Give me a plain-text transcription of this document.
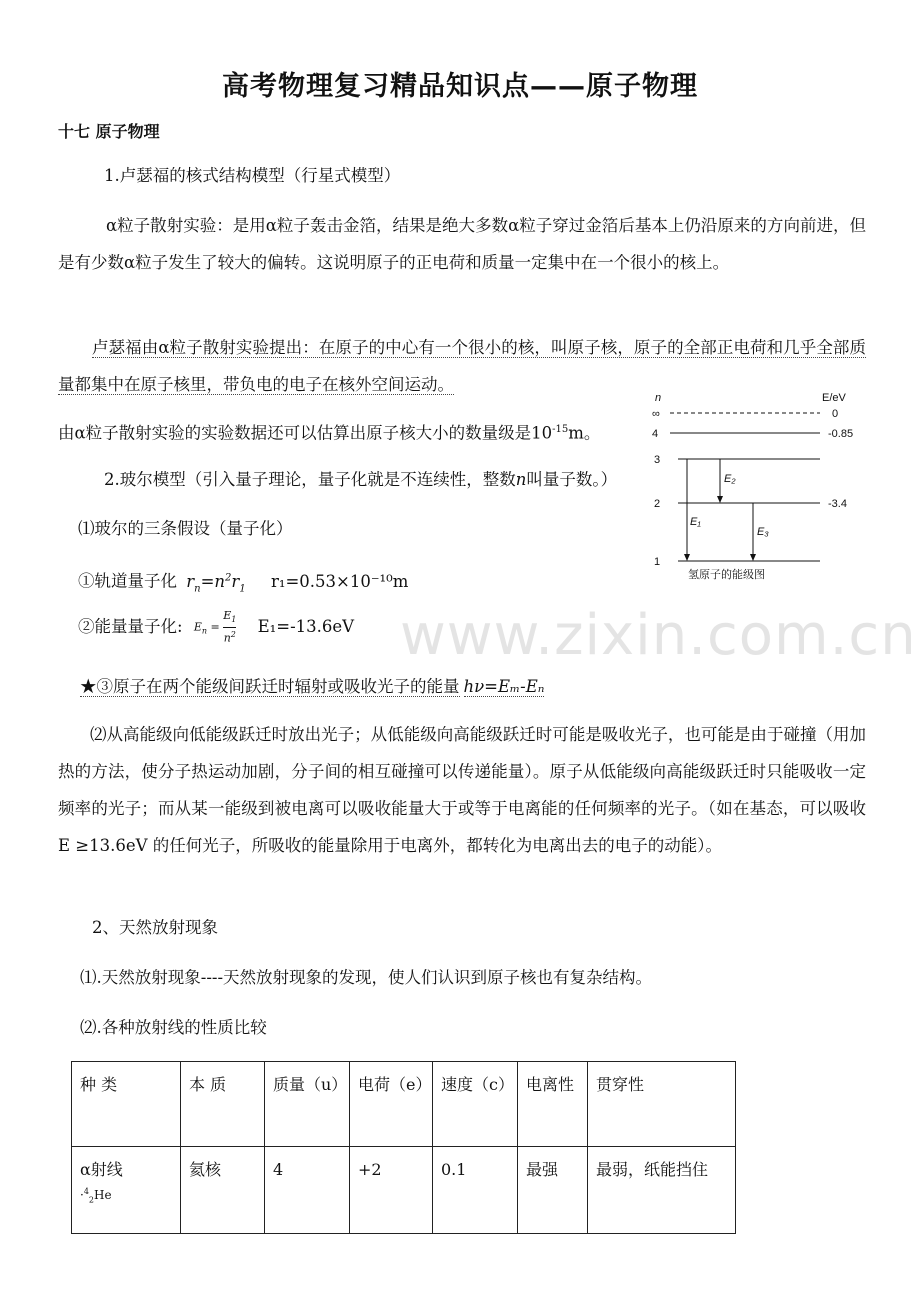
高考物理复习精品知识点——原子物理
十七 原子物理
1.卢瑟福的核式结构模型（行星式模型）
α粒子散射实验：是用α粒子轰击金箔，结果是绝大多数α粒子穿过金箔后基本上仍沿原来的方向前进，但是有少数α粒子发生了较大的偏转。这说明原子的正电荷和质量一定集中在一个很小的核上。
卢瑟福由α粒子散射实验提出：在原子的中心有一个很小的核，叫原子核，原子的全部正电荷和几乎全部质量都集中在原子核里，带负电的电子在核外空间运动。
由α粒子散射实验的实验数据还可以估算出原子核大小的数量级是$10^{-15}m$。
2.玻尔模型（引入量子理论，量子化就是不连续性，整数n叫量子数。）
⑴玻尔的三条假设（量子化）
①轨道量子化 $r_n=n^2r_1$ r₁=0.53×10⁻¹⁰m
②能量量子化: $E_n = \frac{E_1}{n^2} E_1=-13.6eV$
★③原子在两个能级间跃迁时辐射或吸收光子的能量 hν=Eₘ-Eₙ
⑵从高能级向低能级跃迁时放出光子；从低能级向高能级跃迁时可能是吸收光子，也可能是由于碰撞（用加热的方法，使分子热运动加剧，分子间的相互碰撞可以传递能量）。原子从低能级向高能级跃迁时只能吸收一定频率的光子；而从某一能级到被电离可以吸收能量大于或等于电离能的任何频率的光子。（如在基态，可以吸收 E ≥13.6eV 的任何光子，所吸收的能量除用于电离外，都转化为电离出去的电子的动能）。
2、天然放射现象
⑴.天然放射现象----天然放射现象的发现，使人们认识到原子核也有复杂结构。
⑵.各种放射线的性质比较
www.zixin.com.cn
n	E/eV
∞	0
4	-0.85
3
2	-3.4
1
E₁
E₂
E₃
氢原子的能级图
种 类	本 质	质量（u）	电荷（e）	速度（c）	电离性	贯穿性

α射线
·$^4_2$He	氦核	4	+2	0.1	最强	最弱，纸能挡住
